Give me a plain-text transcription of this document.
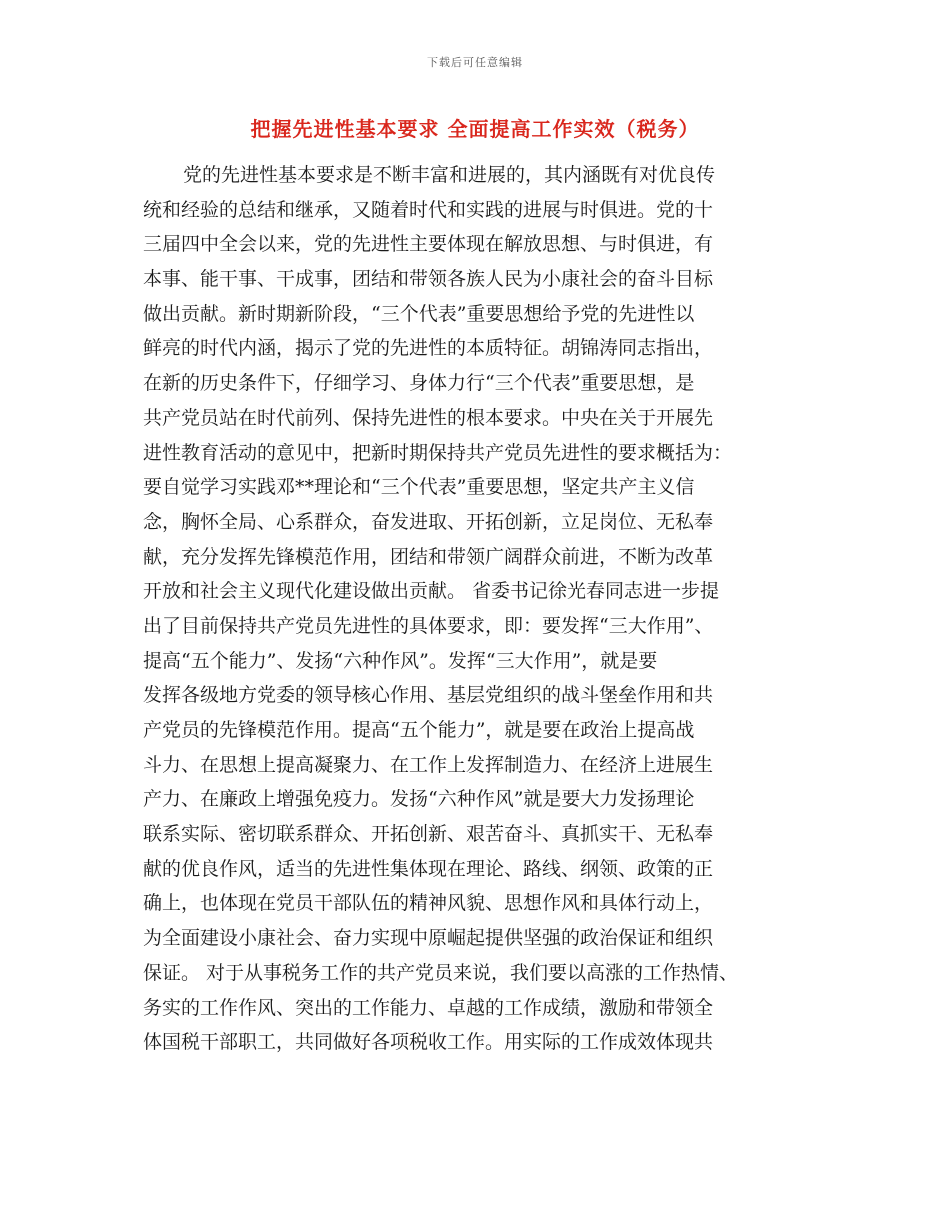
下载后可任意编辑
把握先进性基本要求 全面提高工作实效（税务）
党的先进性基本要求是不断丰富和进展的，其内涵既有对优良传
统和经验的总结和继承，又随着时代和实践的进展与时俱进。党的十
三届四中全会以来，党的先进性主要体现在解放思想、与时俱进，有
本事、能干事、干成事，团结和带领各族人民为小康社会的奋斗目标
做出贡献。新时期新阶段，“三个代表”重要思想给予党的先进性以
鲜亮的时代内涵，揭示了党的先进性的本质特征。胡锦涛同志指出，
在新的历史条件下，仔细学习、身体力行“三个代表”重要思想，是
共产党员站在时代前列、保持先进性的根本要求。中央在关于开展先
进性教育活动的意见中，把新时期保持共产党员先进性的要求概括为：
要自觉学习实践邓**理论和“三个代表”重要思想，坚定共产主义信
念，胸怀全局、心系群众，奋发进取、开拓创新，立足岗位、无私奉
献，充分发挥先锋模范作用，团结和带领广阔群众前进，不断为改革
开放和社会主义现代化建设做出贡献。 省委书记徐光春同志进一步提
出了目前保持共产党员先进性的具体要求，即：要发挥“三大作用”、
提高“五个能力”、发扬“六种作风”。发挥“三大作用”，就是要
发挥各级地方党委的领导核心作用、基层党组织的战斗堡垒作用和共
产党员的先锋模范作用。提高“五个能力”，就是要在政治上提高战
斗力、在思想上提高凝聚力、在工作上发挥制造力、在经济上进展生
产力、在廉政上增强免疫力。发扬“六种作风”就是要大力发扬理论
联系实际、密切联系群众、开拓创新、艰苦奋斗、真抓实干、无私奉
献的优良作风，适当的先进性集体现在理论、路线、纲领、政策的正
确上，也体现在党员干部队伍的精神风貌、思想作风和具体行动上，
为全面建设小康社会、奋力实现中原崛起提供坚强的政治保证和组织
保证。 对于从事税务工作的共产党员来说，我们要以高涨的工作热情、
务实的工作作风、突出的工作能力、卓越的工作成绩，激励和带领全
体国税干部职工，共同做好各项税收工作。用实际的工作成效体现共
